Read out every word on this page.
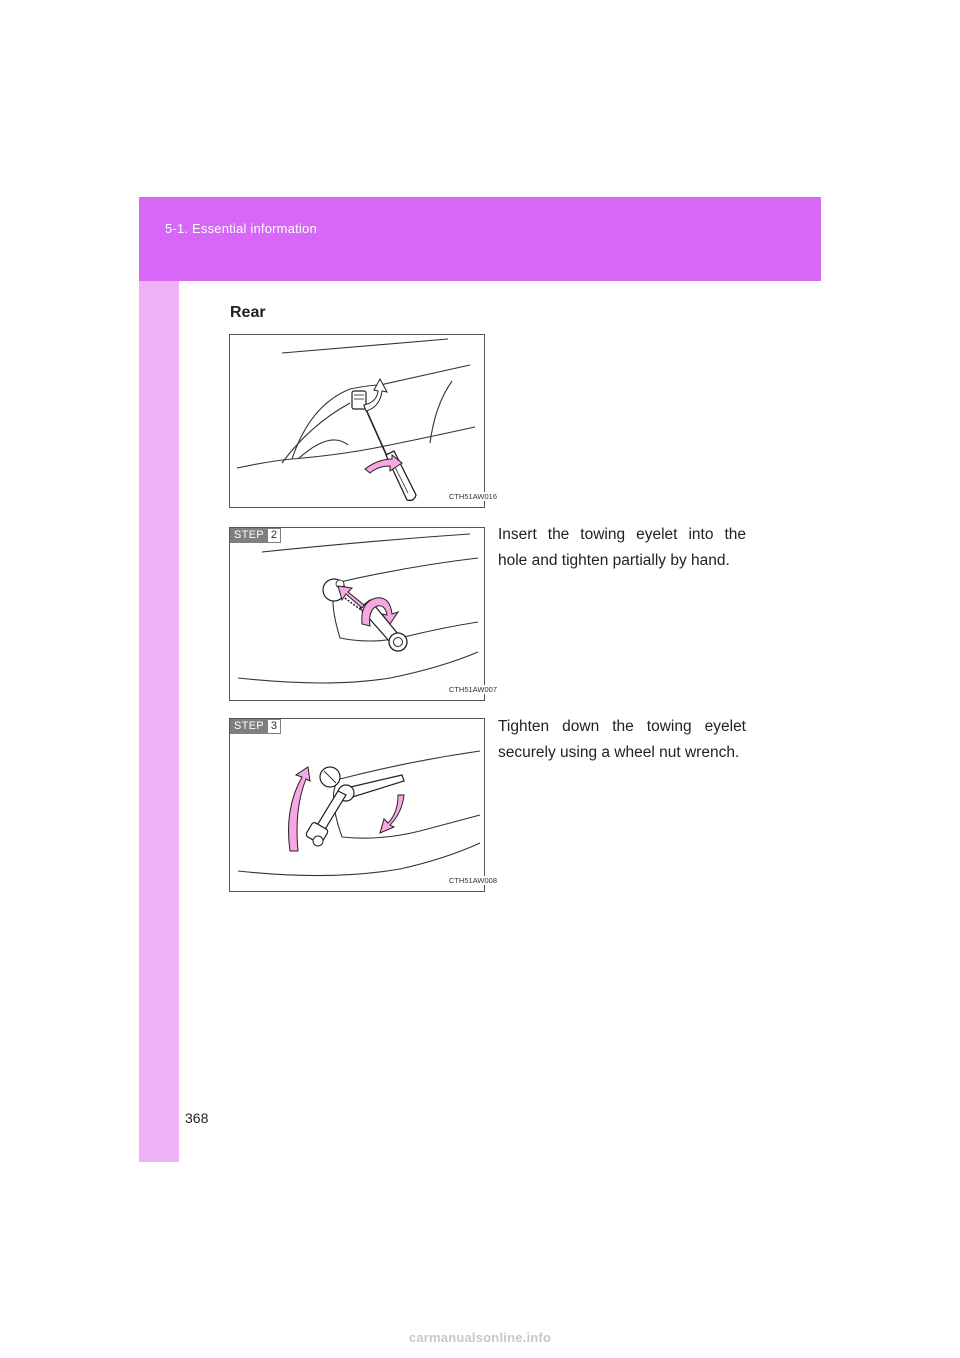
5-1. Essential information
Rear
CTH51AW016
STEP 2
CTH51AW007
Insert the towing eyelet into the hole and tighten partially by hand.
STEP 3
CTH51AW008
Tighten down the towing eyelet securely using a wheel nut wrench.
368
carmanualsonline.info
